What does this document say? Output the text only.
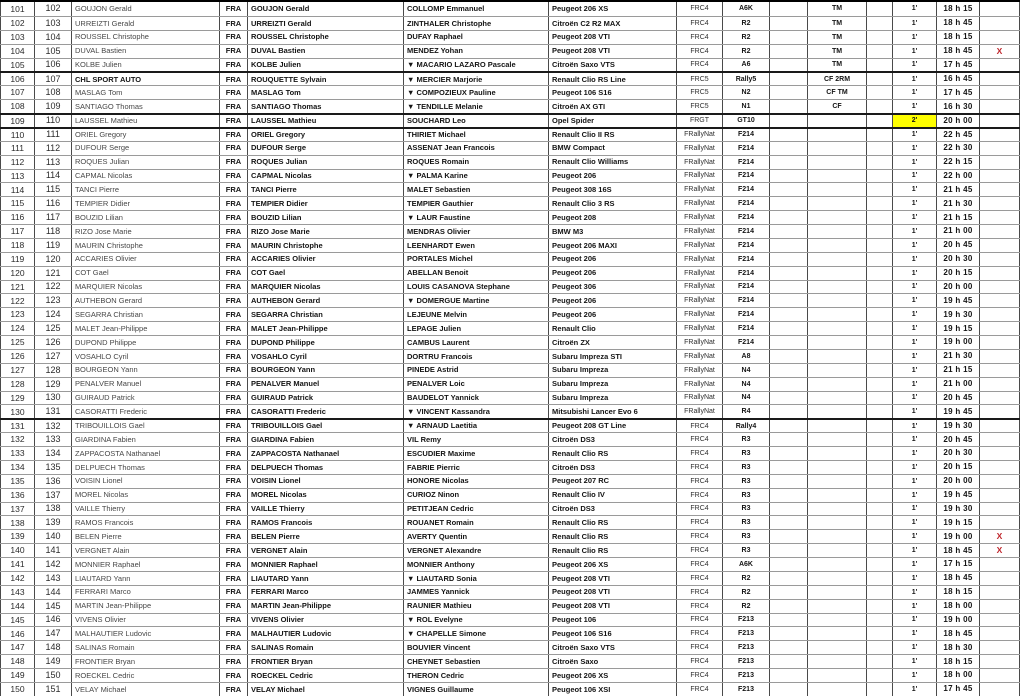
101	102	GOUJON Gerald	FRA	GOUJON Gerald	COLLOMP Emmanuel	Peugeot 206 XS	FRC4	A6K	TM	1'	18 h 15
102	103	URREIZTI Gerald	FRA	URREIZTI Gerald	ZINTHALER Christophe	Citroën C2 R2 MAX	FRC4	R2	TM	1'	18 h 45
103	104	ROUSSEL Christophe	FRA	ROUSSEL Christophe	DUFAY Raphael	Peugeot 208 VTI	FRC4	R2	TM	1'	18 h 15
104	105	DUVAL Bastien	FRA	DUVAL Bastien	MENDEZ Yohan	Peugeot 208 VTI	FRC4	R2	TM	1'	18 h 45	X
105	106	KOLBE Julien	FRA	KOLBE Julien	▼ MACARIO LAZARO Pascale	Citroën Saxo VTS	FRC4	A6	TM	1'	17 h 45
106	107	CHL SPORT AUTO	FRA	ROUQUETTE Sylvain	▼ MERCIER Marjorie	Renault Clio RS Line	FRC5	Rally5	CF 2RM	1'	16 h 45
107	108	MASLAG Tom	FRA	MASLAG Tom	▼ COMPOZIEUX Pauline	Peugeot 106 S16	FRC5	N2	CF TM	1'	17 h 45
108	109	SANTIAGO Thomas	FRA	SANTIAGO Thomas	▼ TENDILLE Melanie	Citroën AX GTI	FRC5	N1	CF	1'	16 h 30
109	110	LAUSSEL Mathieu	FRA	LAUSSEL Mathieu	SOUCHARD Leo	Opel Spider	FRGT	GT10	2'	20 h 00
110	111	ORIEL Gregory	FRA	ORIEL Gregory	THIRIET Michael	Renault Clio II RS	FRallyNat	F214	1'	22 h 45
111	112	DUFOUR Serge	FRA	DUFOUR Serge	ASSENAT Jean Francois	BMW Compact	FRallyNat	F214	1'	22 h 30
112	113	ROQUES Julian	FRA	ROQUES Julian	ROQUES Romain	Renault Clio Williams	FRallyNat	F214	1'	22 h 15
113	114	CAPMAL Nicolas	FRA	CAPMAL Nicolas	▼ PALMA Karine	Peugeot 206	FRallyNat	F214	1'	22 h 00
114	115	TANCI Pierre	FRA	TANCI Pierre	MALET Sebastien	Peugeot 308 16S	FRallyNat	F214	1'	21 h 45
115	116	TEMPIER Didier	FRA	TEMPIER Didier	TEMPIER Gauthier	Renault Clio 3 RS	FRallyNat	F214	1'	21 h 30
116	117	BOUZID Lilian	FRA	BOUZID Lilian	▼ LAUR Faustine	Peugeot 208	FRallyNat	F214	1'	21 h 15
117	118	RIZO Jose Marie	FRA	RIZO Jose Marie	MENDRAS Olivier	BMW M3	FRallyNat	F214	1'	21 h 00
118	119	MAURIN Christophe	FRA	MAURIN Christophe	LEENHARDT Ewen	Peugeot 206 MAXI	FRallyNat	F214	1'	20 h 45
119	120	ACCARIES Olivier	FRA	ACCARIES Olivier	PORTALES Michel	Peugeot 206	FRallyNat	F214	1'	20 h 30
120	121	COT Gael	FRA	COT Gael	ABELLAN Benoit	Peugeot 206	FRallyNat	F214	1'	20 h 15
121	122	MARQUIER Nicolas	FRA	MARQUIER Nicolas	LOUIS CASANOVA Stephane	Peugeot 306	FRallyNat	F214	1'	20 h 00
122	123	AUTHEBON Gerard	FRA	AUTHEBON Gerard	▼ DOMERGUE Martine	Peugeot 206	FRallyNat	F214	1'	19 h 45
123	124	SEGARRA Christian	FRA	SEGARRA Christian	LEJEUNE Melvin	Peugeot 206	FRallyNat	F214	1'	19 h 30
124	125	MALET Jean-Philippe	FRA	MALET Jean-Philippe	LEPAGE Julien	Renault Clio	FRallyNat	F214	1'	19 h 15
125	126	DUPOND Philippe	FRA	DUPOND Philippe	CAMBUS Laurent	Citroën ZX	FRallyNat	F214	1'	19 h 00
126	127	VOSAHLO Cyril	FRA	VOSAHLO Cyril	DORTRU Francois	Subaru Impreza STI	FRallyNat	A8	1'	21 h 30
127	128	BOURGEON Yann	FRA	BOURGEON Yann	PINEDE Astrid	Subaru Impreza	FRallyNat	N4	1'	21 h 15
128	129	PENALVER Manuel	FRA	PENALVER Manuel	PENALVER Loic	Subaru Impreza	FRallyNat	N4	1'	21 h 00
129	130	GUIRAUD Patrick	FRA	GUIRAUD Patrick	BAUDELOT Yannick	Subaru Impreza	FRallyNat	N4	1'	20 h 45
130	131	CASORATTI Frederic	FRA	CASORATTI Frederic	▼ VINCENT Kassandra	Mitsubishi Lancer Evo 6	FRallyNat	R4	1'	19 h 45
131	132	TRIBOUILLOIS Gael	FRA	TRIBOUILLOIS Gael	▼ ARNAUD Laetitia	Peugeot 208 GT Line	FRC4	Rally4	1'	19 h 30
132	133	GIARDINA Fabien	FRA	GIARDINA Fabien	VIL Remy	Citroën DS3	FRC4	R3	1'	20 h 45
133	134	ZAPPACOSTA Nathanael	FRA	ZAPPACOSTA Nathanael	ESCUDIER Maxime	Renault Clio RS	FRC4	R3	1'	20 h 30
134	135	DELPUECH Thomas	FRA	DELPUECH Thomas	FABRIE Pierric	Citroën DS3	FRC4	R3	1'	20 h 15
135	136	VOISIN Lionel	FRA	VOISIN Lionel	HONORE Nicolas	Peugeot 207 RC	FRC4	R3	1'	20 h 00
136	137	MOREL Nicolas	FRA	MOREL Nicolas	CURIOZ Ninon	Renault Clio IV	FRC4	R3	1'	19 h 45
137	138	VAILLE Thierry	FRA	VAILLE Thierry	PETITJEAN Cedric	Citroën DS3	FRC4	R3	1'	19 h 30
138	139	RAMOS Francois	FRA	RAMOS Francois	ROUANET Romain	Renault Clio RS	FRC4	R3	1'	19 h 15
139	140	BELEN Pierre	FRA	BELEN Pierre	AVERTY Quentin	Renault Clio RS	FRC4	R3	1'	19 h 00	X
140	141	VERGNET Alain	FRA	VERGNET Alain	VERGNET Alexandre	Renault Clio RS	FRC4	R3	1'	18 h 45	X
141	142	MONNIER Raphael	FRA	MONNIER Raphael	MONNIER Anthony	Peugeot 206 XS	FRC4	A6K	1'	17 h 15
142	143	LIAUTARD Yann	FRA	LIAUTARD Yann	▼ LIAUTARD Sonia	Peugeot 208 VTI	FRC4	R2	1'	18 h 45
143	144	FERRARI Marco	FRA	FERRARI Marco	JAMMES Yannick	Peugeot 208 VTI	FRC4	R2	1'	18 h 15
144	145	MARTIN Jean-Philippe	FRA	MARTIN Jean-Philippe	RAUNIER Mathieu	Peugeot 208 VTI	FRC4	R2	1'	18 h 00
145	146	VIVENS Olivier	FRA	VIVENS Olivier	▼ ROL Evelyne	Peugeot 106	FRC4	F213	1'	19 h 00
146	147	MALHAUTIER Ludovic	FRA	MALHAUTIER Ludovic	▼ CHAPELLE Simone	Peugeot 106 S16	FRC4	F213	1'	18 h 45
147	148	SALINAS Romain	FRA	SALINAS Romain	BOUVIER Vincent	Citroën Saxo VTS	FRC4	F213	1'	18 h 30
148	149	FRONTIER Bryan	FRA	FRONTIER Bryan	CHEYNET Sebastien	Citroën Saxo	FRC4	F213	1'	18 h 15
149	150	ROECKEL Cedric	FRA	ROECKEL Cedric	THERON Cedric	Peugeot 206 XS	FRC4	F213	1'	18 h 00
150	151	VELAY Michael	FRA	VELAY Michael	VIGNES Guillaume	Peugeot 106 XSI	FRC4	F213	1'	17 h 45
